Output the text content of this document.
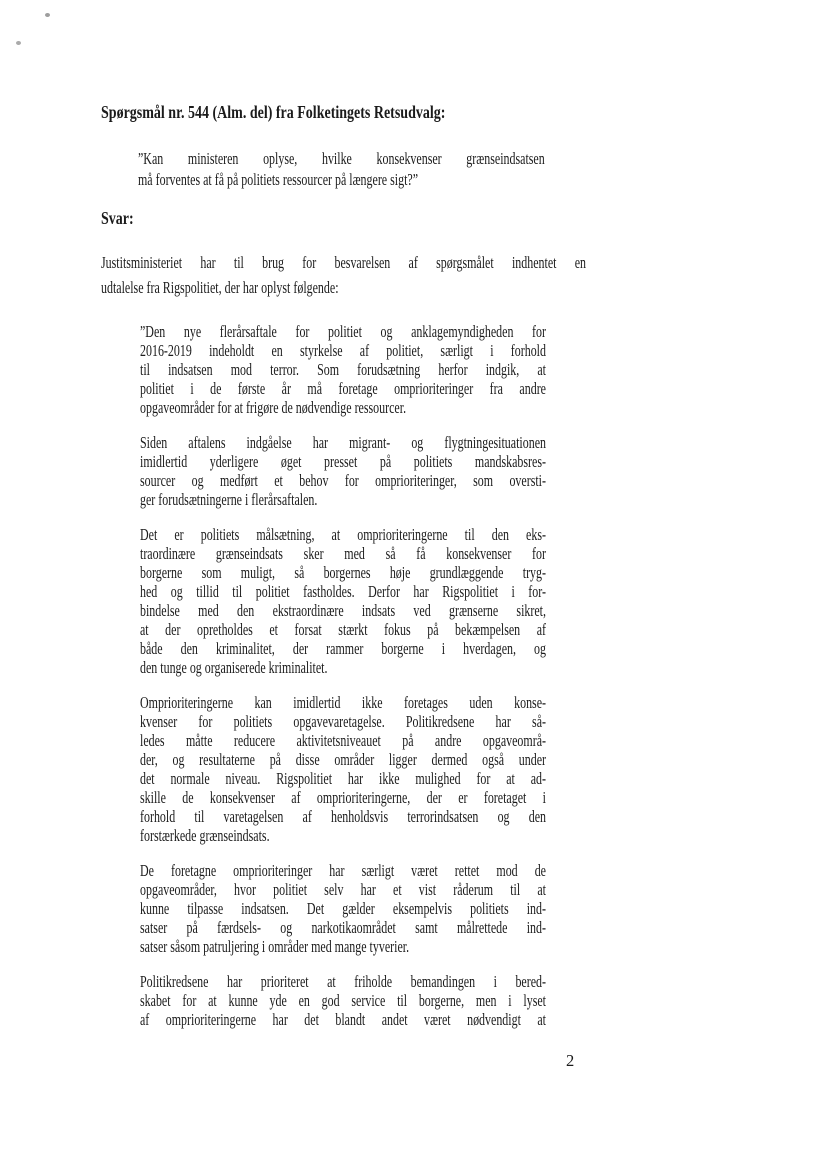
Spørgsmål nr. 544 (Alm. del) fra Folketingets Retsudvalg:
”Kan ministeren oplyse, hvilke konsekvenser grænseindsatsen
må forventes at få på politiets ressourcer på længere sigt?”
Svar:
Justitsministeriet har til brug for besvarelsen af spørgsmålet indhentet en
udtalelse fra Rigspolitiet, der har oplyst følgende:
”Den nye flerårsaftale for politiet og anklagemyndigheden for
2016-2019 indeholdt en styrkelse af politiet, særligt i forhold
til indsatsen mod terror. Som forudsætning herfor indgik, at
politiet i de første år må foretage omprioriteringer fra andre
opgaveområder for at frigøre de nødvendige ressourcer.
Siden aftalens indgåelse har migrant- og flygtningesituationen
imidlertid yderligere øget presset på politiets mandskabsres-
sourcer og medført et behov for omprioriteringer, som oversti-
ger forudsætningerne i flerårsaftalen.
Det er politiets målsætning, at omprioriteringerne til den eks-
traordinære grænseindsats sker med så få konsekvenser for
borgerne som muligt, så borgernes høje grundlæggende tryg-
hed og tillid til politiet fastholdes. Derfor har Rigspolitiet i for-
bindelse med den ekstraordinære indsats ved grænserne sikret,
at der opretholdes et forsat stærkt fokus på bekæmpelsen af
både den kriminalitet, der rammer borgerne i hverdagen, og
den tunge og organiserede kriminalitet.
Omprioriteringerne kan imidlertid ikke foretages uden konse-
kvenser for politiets opgavevaretagelse. Politikredsene har så-
ledes måtte reducere aktivitetsniveauet på andre opgaveområ-
der, og resultaterne på disse områder ligger dermed også under
det normale niveau. Rigspolitiet har ikke mulighed for at ad-
skille de konsekvenser af omprioriteringerne, der er foretaget i
forhold til varetagelsen af henholdsvis terrorindsatsen og den
forstærkede grænseindsats.
De foretagne omprioriteringer har særligt været rettet mod de
opgaveområder, hvor politiet selv har et vist råderum til at
kunne tilpasse indsatsen. Det gælder eksempelvis politiets ind-
satser på færdsels- og narkotikaområdet samt målrettede ind-
satser såsom patruljering i områder med mange tyverier.
Politikredsene har prioriteret at friholde bemandingen i bered-
skabet for at kunne yde en god service til borgerne, men i lyset
af omprioriteringerne har det blandt andet været nødvendigt at
2
